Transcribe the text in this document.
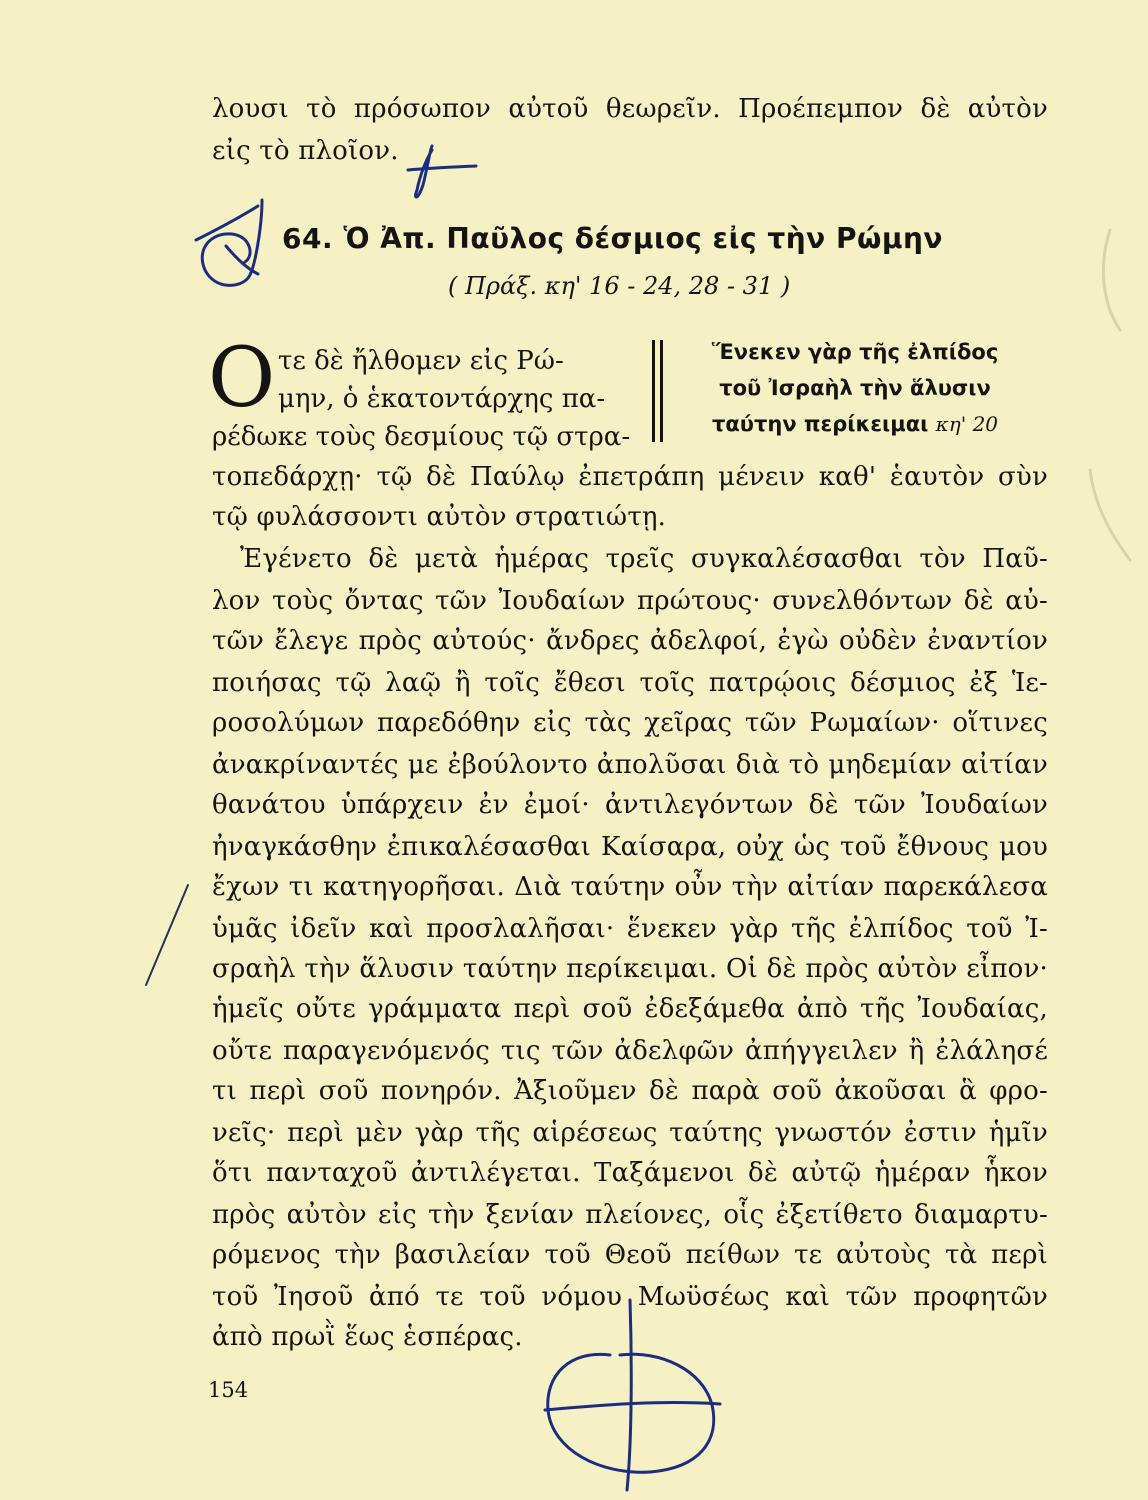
λουσι τὸ πρόσωπον αὐτοῦ θεωρεῖν. Προέπεμπον δὲ αὐτὸν
εἰς τὸ πλοῖον.
64. Ὁ Ἀπ. Παῦλος δέσμιος εἰς τὴν Ρώμην
( Πράξ. κη' 16 - 24, 28 - 31 )
Ο τε δὲ ἤλθομεν εἰς Ρώ-
μην, ὁ ἑκατοντάρχης πα-
ρέδωκε τοὺς δεσμίους τῷ στρα-
Ἕνεκεν γὰρ τῆς ἐλπίδος
τοῦ Ἰσραὴλ τὴν ἅλυσιν
ταύτην περίκειμαι κη' 20
τοπεδάρχῃ· τῷ δὲ Παύλῳ ἐπετράπη μένειν καθ' ἑαυτὸν σὺν
τῷ φυλάσσοντι αὐτὸν στρατιώτῃ.
Ἐγένετο δὲ μετὰ ἡμέρας τρεῖς συγκαλέσασθαι τὸν Παῦ-
λον τοὺς ὄντας τῶν Ἰουδαίων πρώτους· συνελθόντων δὲ αὐ-
τῶν ἔλεγε πρὸς αὐτούς· ἄνδρες ἀδελφοί, ἐγὼ οὐδὲν ἐναντίον
ποιήσας τῷ λαῷ ἢ τοῖς ἔθεσι τοῖς πατρῴοις δέσμιος ἐξ Ἱε-
ροσολύμων παρεδόθην εἰς τὰς χεῖρας τῶν Ρωμαίων· οἵτινες
ἀνακρίναντές με ἐβούλοντο ἀπολῦσαι διὰ τὸ μηδεμίαν αἰτίαν
θανάτου ὑπάρχειν ἐν ἐμοί· ἀντιλεγόντων δὲ τῶν Ἰουδαίων
ἠναγκάσθην ἐπικαλέσασθαι Καίσαρα, οὐχ ὡς τοῦ ἔθνους μου
ἔχων τι κατηγορῆσαι. Διὰ ταύτην οὖν τὴν αἰτίαν παρεκάλεσα
ὑμᾶς ἰδεῖν καὶ προσλαλῆσαι· ἕνεκεν γὰρ τῆς ἐλπίδος τοῦ Ἰ-
σραὴλ τὴν ἅλυσιν ταύτην περίκειμαι. Οἱ δὲ πρὸς αὐτὸν εἶπον·
ἡμεῖς οὔτε γράμματα περὶ σοῦ ἐδεξάμεθα ἀπὸ τῆς Ἰουδαίας,
οὔτε παραγενόμενός τις τῶν ἀδελφῶν ἀπήγγειλεν ἢ ἐλάλησέ
τι περὶ σοῦ πονηρόν. Ἀξιοῦμεν δὲ παρὰ σοῦ ἀκοῦσαι ἃ φρο-
νεῖς· περὶ μὲν γὰρ τῆς αἱρέσεως ταύτης γνωστόν ἐστιν ἡμῖν
ὅτι πανταχοῦ ἀντιλέγεται. Ταξάμενοι δὲ αὐτῷ ἡμέραν ἧκον
πρὸς αὐτὸν εἰς τὴν ξενίαν πλείονες, οἷς ἐξετίθετο διαμαρτυ-
ρόμενος τὴν βασιλείαν τοῦ Θεοῦ πείθων τε αὐτοὺς τὰ περὶ
τοῦ Ἰησοῦ ἀπό τε τοῦ νόμου Μωϋσέως καὶ τῶν προφητῶν
ἀπὸ πρωῒ ἕως ἑσπέρας.
154
